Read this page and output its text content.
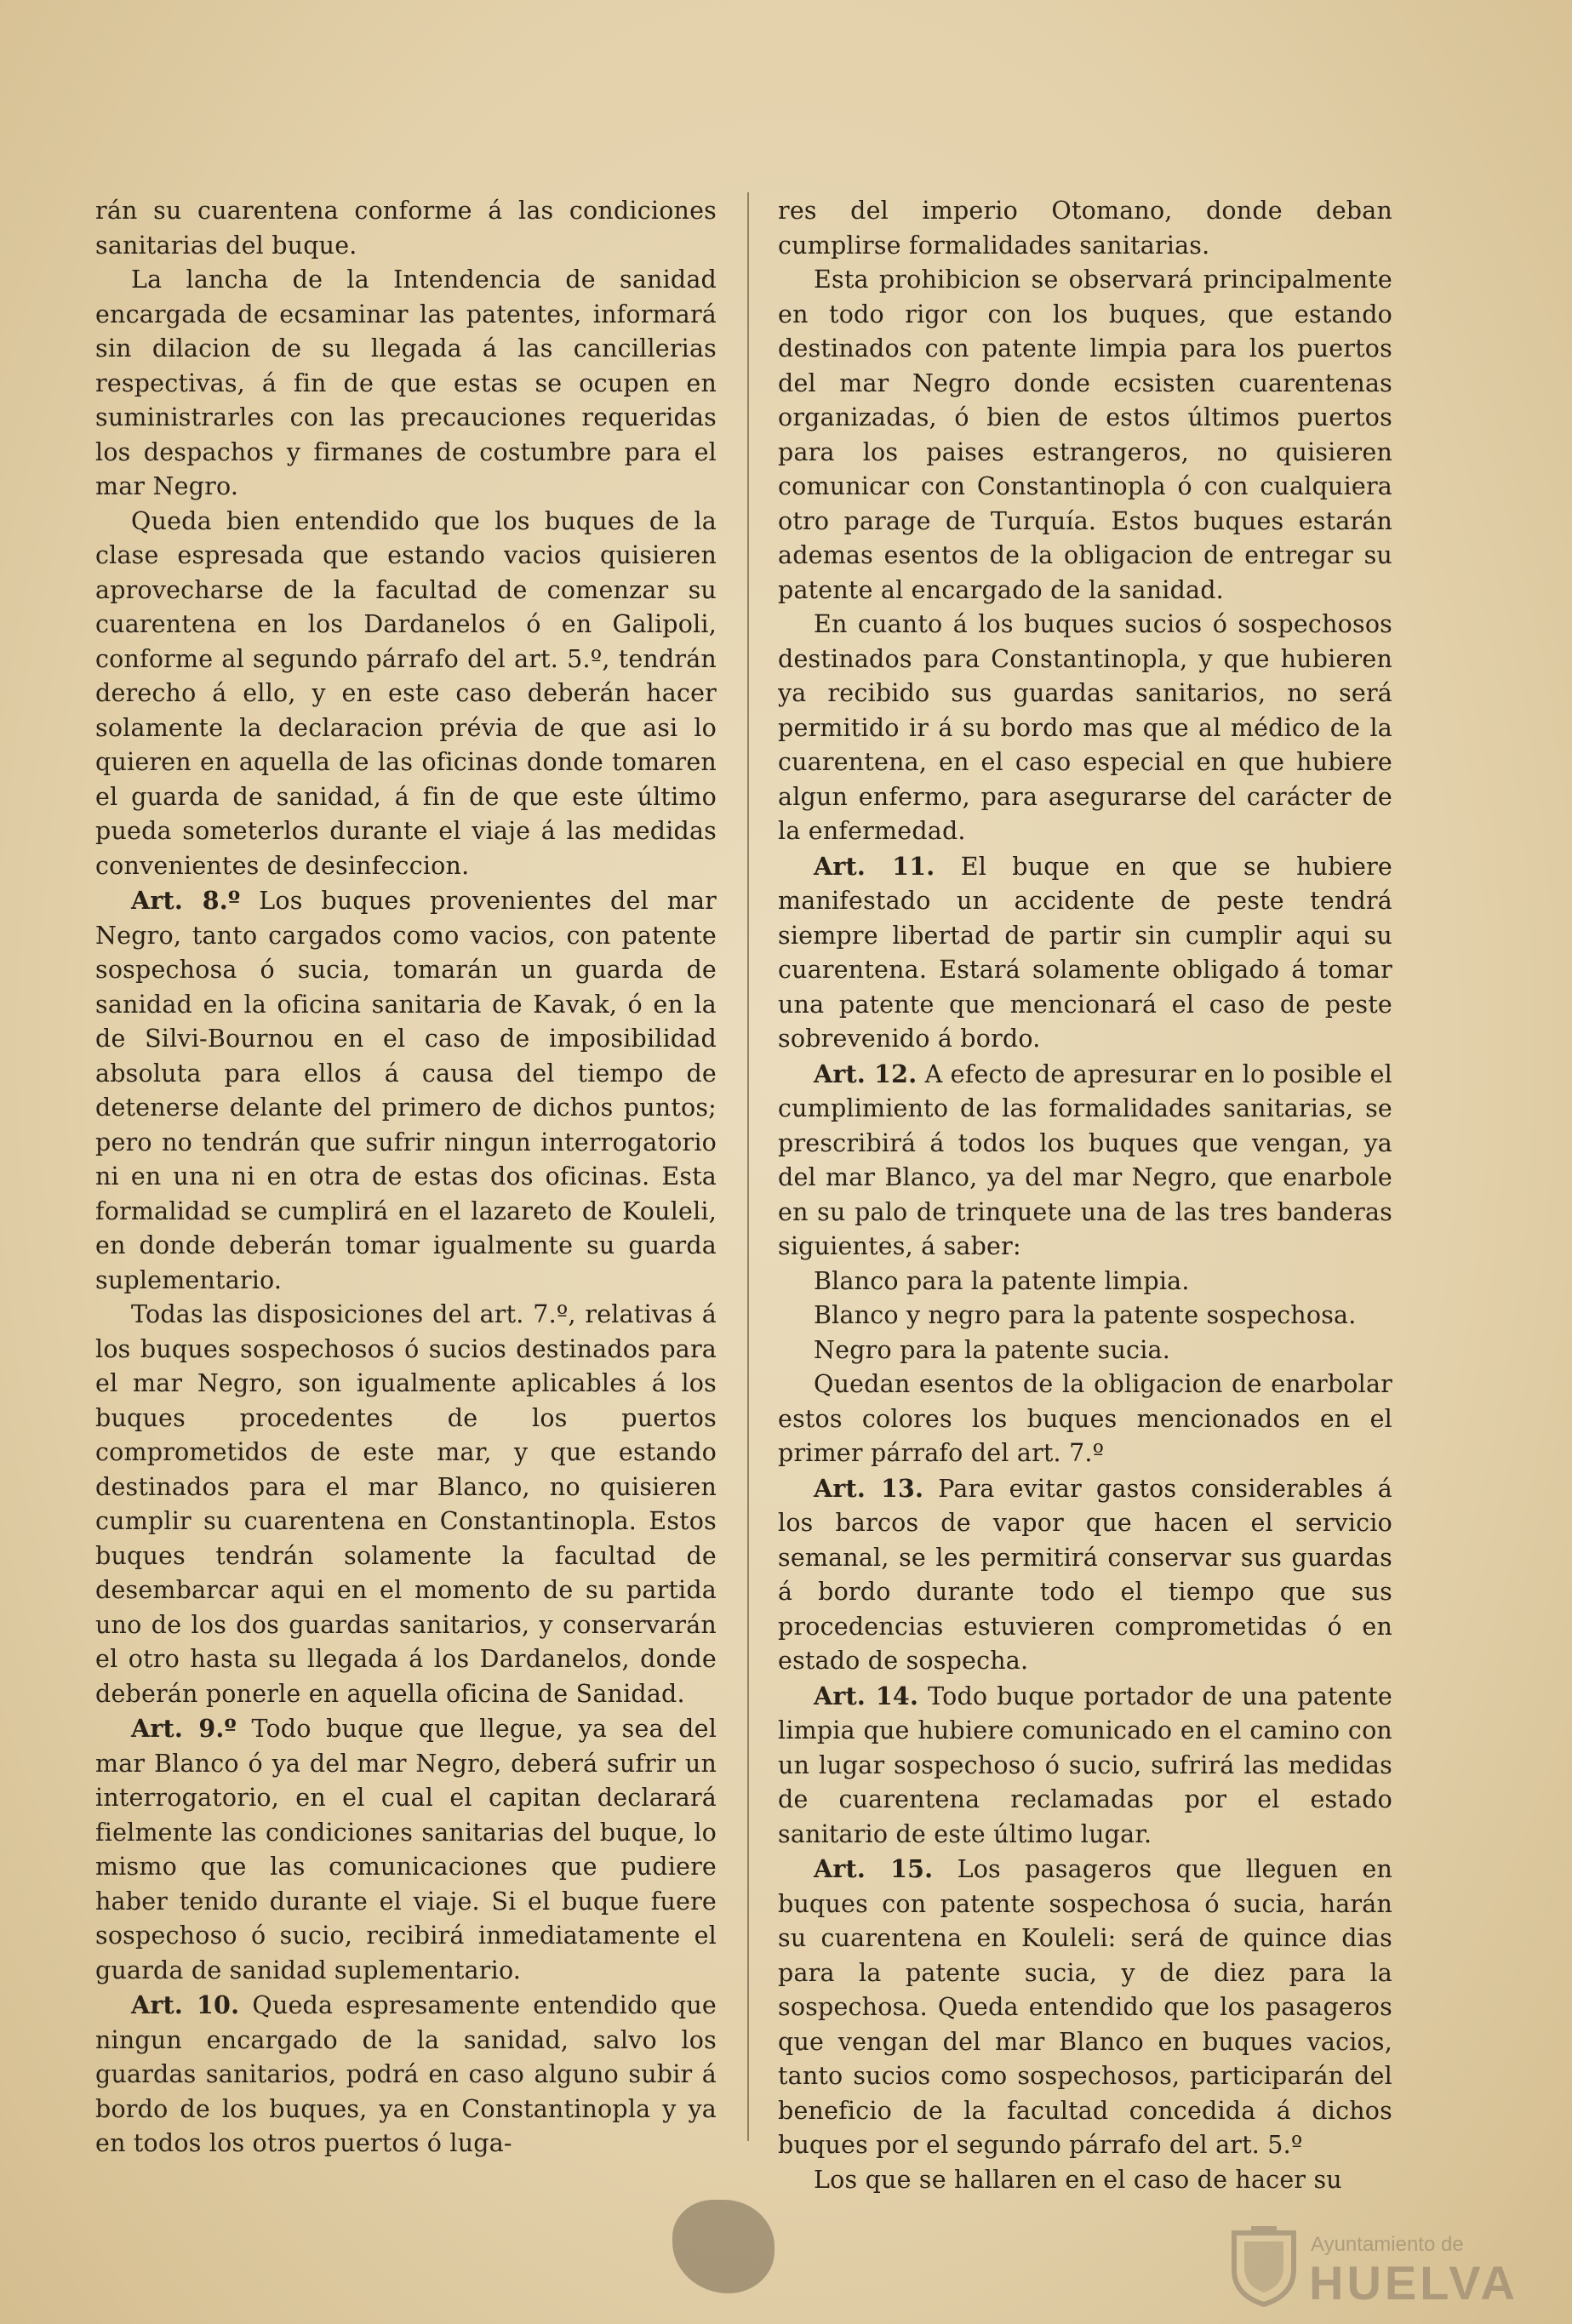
rán su cuarentena conforme á las condiciones sanitarias del buque.

La lancha de la Intendencia de sanidad encargada de ecsaminar las patentes, informará sin dilacion de su llegada á las cancillerias respectivas, á fin de que estas se ocupen en suministrarles con las precauciones requeridas los despachos y firmanes de costumbre para el mar Negro.

Queda bien entendido que los buques de la clase espresada que estando vacios quisieren aprovecharse de la facultad de comenzar su cuarentena en los Dardanelos ó en Galipoli, conforme al segundo párrafo del art. 5.º, tendrán derecho á ello, y en este caso deberán hacer solamente la declaracion prévia de que asi lo quieren en aquella de las oficinas donde tomaren el guarda de sanidad, á fin de que este último pueda someterlos durante el viaje á las medidas convenientes de desinfeccion.

Art. 8.º Los buques provenientes del mar Negro, tanto cargados como vacios, con patente sospechosa ó sucia, tomarán un guarda de sanidad en la oficina sanitaria de Kavak, ó en la de Silvi-Bournou en el caso de imposibilidad absoluta para ellos á causa del tiempo de detenerse delante del primero de dichos puntos; pero no tendrán que sufrir ningun interrogatorio ni en una ni en otra de estas dos oficinas. Esta formalidad se cumplirá en el lazareto de Kouleli, en donde deberán tomar igualmente su guarda suplementario.

Todas las disposiciones del art. 7.º, relativas á los buques sospechosos ó sucios destinados para el mar Negro, son igualmente aplicables á los buques procedentes de los puertos comprometidos de este mar, y que estando destinados para el mar Blanco, no quisieren cumplir su cuarentena en Constantinopla. Estos buques tendrán solamente la facultad de desembarcar aqui en el momento de su partida uno de los dos guardas sanitarios, y conservarán el otro hasta su llegada á los Dardanelos, donde deberán ponerle en aquella oficina de Sanidad.

Art. 9.º Todo buque que llegue, ya sea del mar Blanco ó ya del mar Negro, deberá sufrir un interrogatorio, en el cual el capitan declarará fielmente las condiciones sanitarias del buque, lo mismo que las comunicaciones que pudiere haber tenido durante el viaje. Si el buque fuere sospechoso ó sucio, recibirá inmediatamente el guarda de sanidad suplementario.

Art. 10. Queda espresamente entendido que ningun encargado de la sanidad, salvo los guardas sanitarios, podrá en caso alguno subir á bordo de los buques, ya en Constantinopla y ya en todos los otros puertos ó luga-

res del imperio Otomano, donde deban cumplirse formalidades sanitarias.

Esta prohibicion se observará principalmente en todo rigor con los buques, que estando destinados con patente limpia para los puertos del mar Negro donde ecsisten cuarentenas organizadas, ó bien de estos últimos puertos para los paises estrangeros, no quisieren comunicar con Constantinopla ó con cualquiera otro parage de Turquía. Estos buques estarán ademas esentos de la obligacion de entregar su patente al encargado de la sanidad.

En cuanto á los buques sucios ó sospechosos destinados para Constantinopla, y que hubieren ya recibido sus guardas sanitarios, no será permitido ir á su bordo mas que al médico de la cuarentena, en el caso especial en que hubiere algun enfermo, para asegurarse del carácter de la enfermedad.

Art. 11. El buque en que se hubiere manifestado un accidente de peste tendrá siempre libertad de partir sin cumplir aqui su cuarentena. Estará solamente obligado á tomar una patente que mencionará el caso de peste sobrevenido á bordo.

Art. 12. A efecto de apresurar en lo posible el cumplimiento de las formalidades sanitarias, se prescribirá á todos los buques que vengan, ya del mar Blanco, ya del mar Negro, que enarbole en su palo de trinquete una de las tres banderas siguientes, á saber:

Blanco para la patente limpia.

Blanco y negro para la patente sospechosa.

Negro para la patente sucia.

Quedan esentos de la obligacion de enarbolar estos colores los buques mencionados en el primer párrafo del art. 7.º

Art. 13. Para evitar gastos considerables á los barcos de vapor que hacen el servicio semanal, se les permitirá conservar sus guardas á bordo durante todo el tiempo que sus procedencias estuvieren comprometidas ó en estado de sospecha.

Art. 14. Todo buque portador de una patente limpia que hubiere comunicado en el camino con un lugar sospechoso ó sucio, sufrirá las medidas de cuarentena reclamadas por el estado sanitario de este último lugar.

Art. 15. Los pasageros que lleguen en buques con patente sospechosa ó sucia, harán su cuarentena en Kouleli: será de quince dias para la patente sucia, y de diez para la sospechosa. Queda entendido que los pasageros que vengan del mar Blanco en buques vacios, tanto sucios como sospechosos, participarán del beneficio de la facultad concedida á dichos buques por el segundo párrafo del art. 5.º

Los que se hallaren en el caso de hacer su

Ayuntamiento de
HUELVA
